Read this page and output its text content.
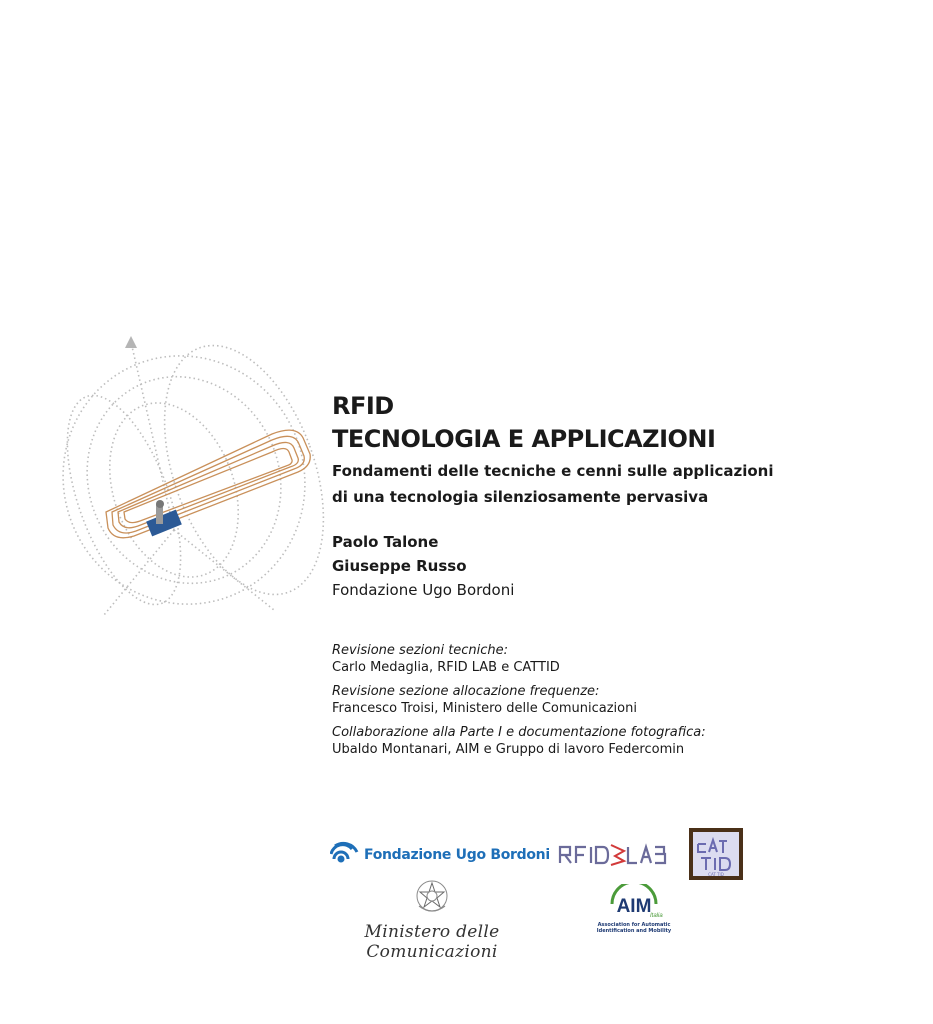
RFID
TECNOLOGIA E APPLICAZIONI
Fondamenti delle tecniche e cenni sulle applicazioni
di una tecnologia silenziosamente pervasiva
Paolo Talone
Giuseppe Russo
Fondazione Ugo Bordoni
Revisione sezioni tecniche:
Carlo Medaglia, RFID LAB e CATTID
Revisione sezione allocazione frequenze:
Francesco Troisi, Ministero delle Comunicazioni
Collaborazione alla Parte I e documentazione fotografica:
Ubaldo Montanari, AIM e Gruppo di lavoro Federcomin
Fondazione Ugo Bordoni
CAT TID
Ministero delle Comunicazioni
AIM
Italia
Association for Automatic
Identification and Mobility
